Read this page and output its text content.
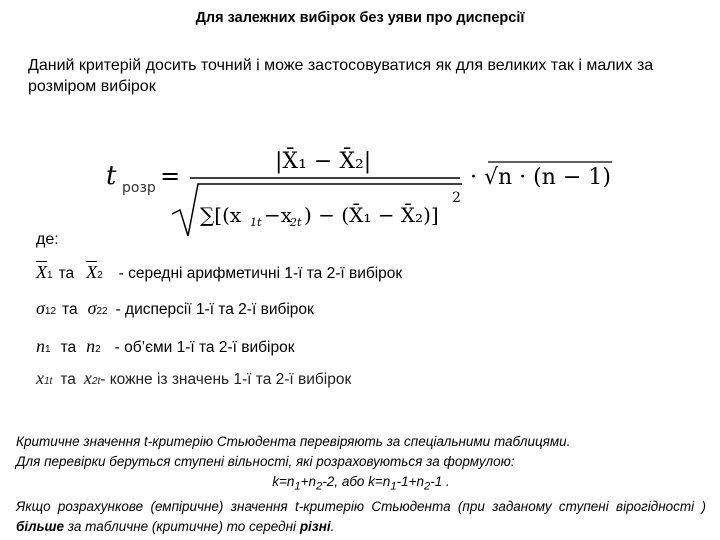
Для залежних вибірок без уяви про дисперсії
Даний критерій досить точний і може застосовуватися як для великих так і малих за розміром вибірок
t розр =
|X̄₁ − X̄₂|
∑[(x 1t −x
2t ) − (X̄₁ − X̄₂)]
2
· √n · (n − 1)
де:
$\overline{X}$ 1 та $\overline{X}$ 2 - середні арифметичні 1-ї та 2-ї вибірок
σ 1 2 та σ 2 2 - дисперсії 1-ї та 2-ї вибірок
n 1 та n 2 - об’єми 1-ї та 2-ї вибірок
x 1t та x 2t - кожне із значень 1-ї та 2-ї вибірок

Критичне значення t-критерію Стьюдента перевіряють за спеціальними таблицями.

Для перевірки беруться ступені вільності, які розраховуються за формулою:

$k=n_1+n_2-2$, або $k=n_1-1+n_2-1$ .

Якщо розрахункове (емпіричне) значення t-критерію Стьюдента (при заданому ступені вірогідності ) більше за табличне (критичне) то середні різні.
